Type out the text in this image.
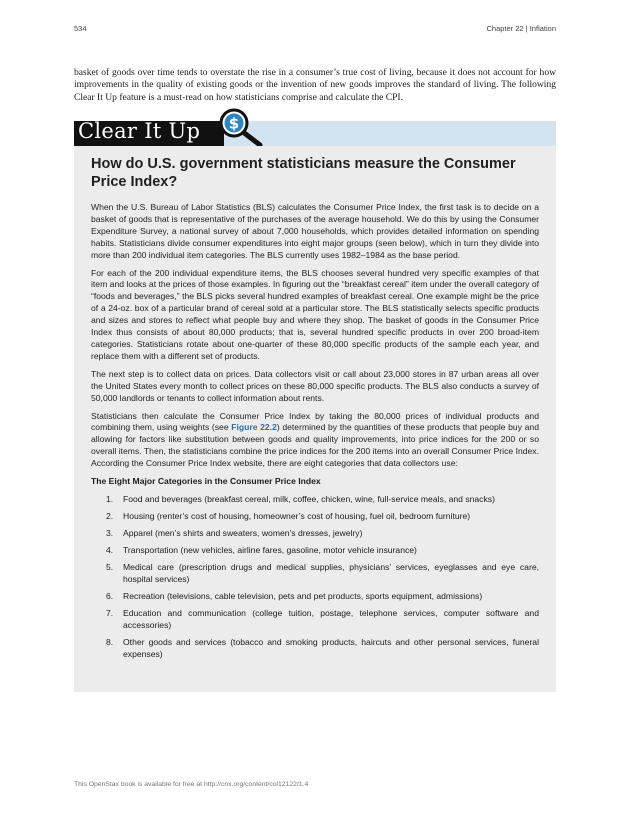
534	Chapter 22 | Inflation

basket of goods over time tends to overstate the rise in a consumer’s true cost of living, because it does not account for how improvements in the quality of existing goods or the invention of new goods improves the standard of living. The following Clear It Up feature is a must-read on how statisticians comprise and calculate the CPI.

Clear It Up $
How do U.S. government statisticians measure the Consumer Price Index?

When the U.S. Bureau of Labor Statistics (BLS) calculates the Consumer Price Index, the first task is to decide on a basket of goods that is representative of the purchases of the average household. We do this by using the Consumer Expenditure Survey, a national survey of about 7,000 households, which provides detailed information on spending habits. Statisticians divide consumer expenditures into eight major groups (seen below), which in turn they divide into more than 200 individual item categories. The BLS currently uses 1982–1984 as the base period.

For each of the 200 individual expenditure items, the BLS chooses several hundred very specific examples of that item and looks at the prices of those examples. In figuring out the “breakfast cereal” item under the overall category of “foods and beverages,” the BLS picks several hundred examples of breakfast cereal. One example might be the price of a 24-oz. box of a particular brand of cereal sold at a particular store. The BLS statistically selects specific products and sizes and stores to reflect what people buy and where they shop. The basket of goods in the Consumer Price Index thus consists of about 80,000 products; that is, several hundred specific products in over 200 broad-item categories. Statisticians rotate about one-quarter of these 80,000 specific products of the sample each year, and replace them with a different set of products.

The next step is to collect data on prices. Data collectors visit or call about 23,000 stores in 87 urban areas all over the United States every month to collect prices on these 80,000 specific products. The BLS also conducts a survey of 50,000 landlords or tenants to collect information about rents.

Statisticians then calculate the Consumer Price Index by taking the 80,000 prices of individual products and combining them, using weights (see Figure 22.2) determined by the quantities of these products that people buy and allowing for factors like substitution between goods and quality improvements, into price indices for the 200 or so overall items. Then, the statisticians combine the price indices for the 200 items into an overall Consumer Price Index. According the Consumer Price Index website, there are eight categories that data collectors use:

The Eight Major Categories in the Consumer Price Index

1. Food and beverages (breakfast cereal, milk, coffee, chicken, wine, full-service meals, and snacks)
2. Housing (renter’s cost of housing, homeowner’s cost of housing, fuel oil, bedroom furniture)
3. Apparel (men’s shirts and sweaters, women’s dresses, jewelry)
4. Transportation (new vehicles, airline fares, gasoline, motor vehicle insurance)
5. Medical care (prescription drugs and medical supplies, physicians’ services, eyeglasses and eye care, hospital services)
6. Recreation (televisions, cable television, pets and pet products, sports equipment, admissions)
7. Education and communication (college tuition, postage, telephone services, computer software and accessories)
8. Other goods and services (tobacco and smoking products, haircuts and other personal services, funeral expenses)
This OpenStax book is available for free at http://cnx.org/content/col12122/1.4
